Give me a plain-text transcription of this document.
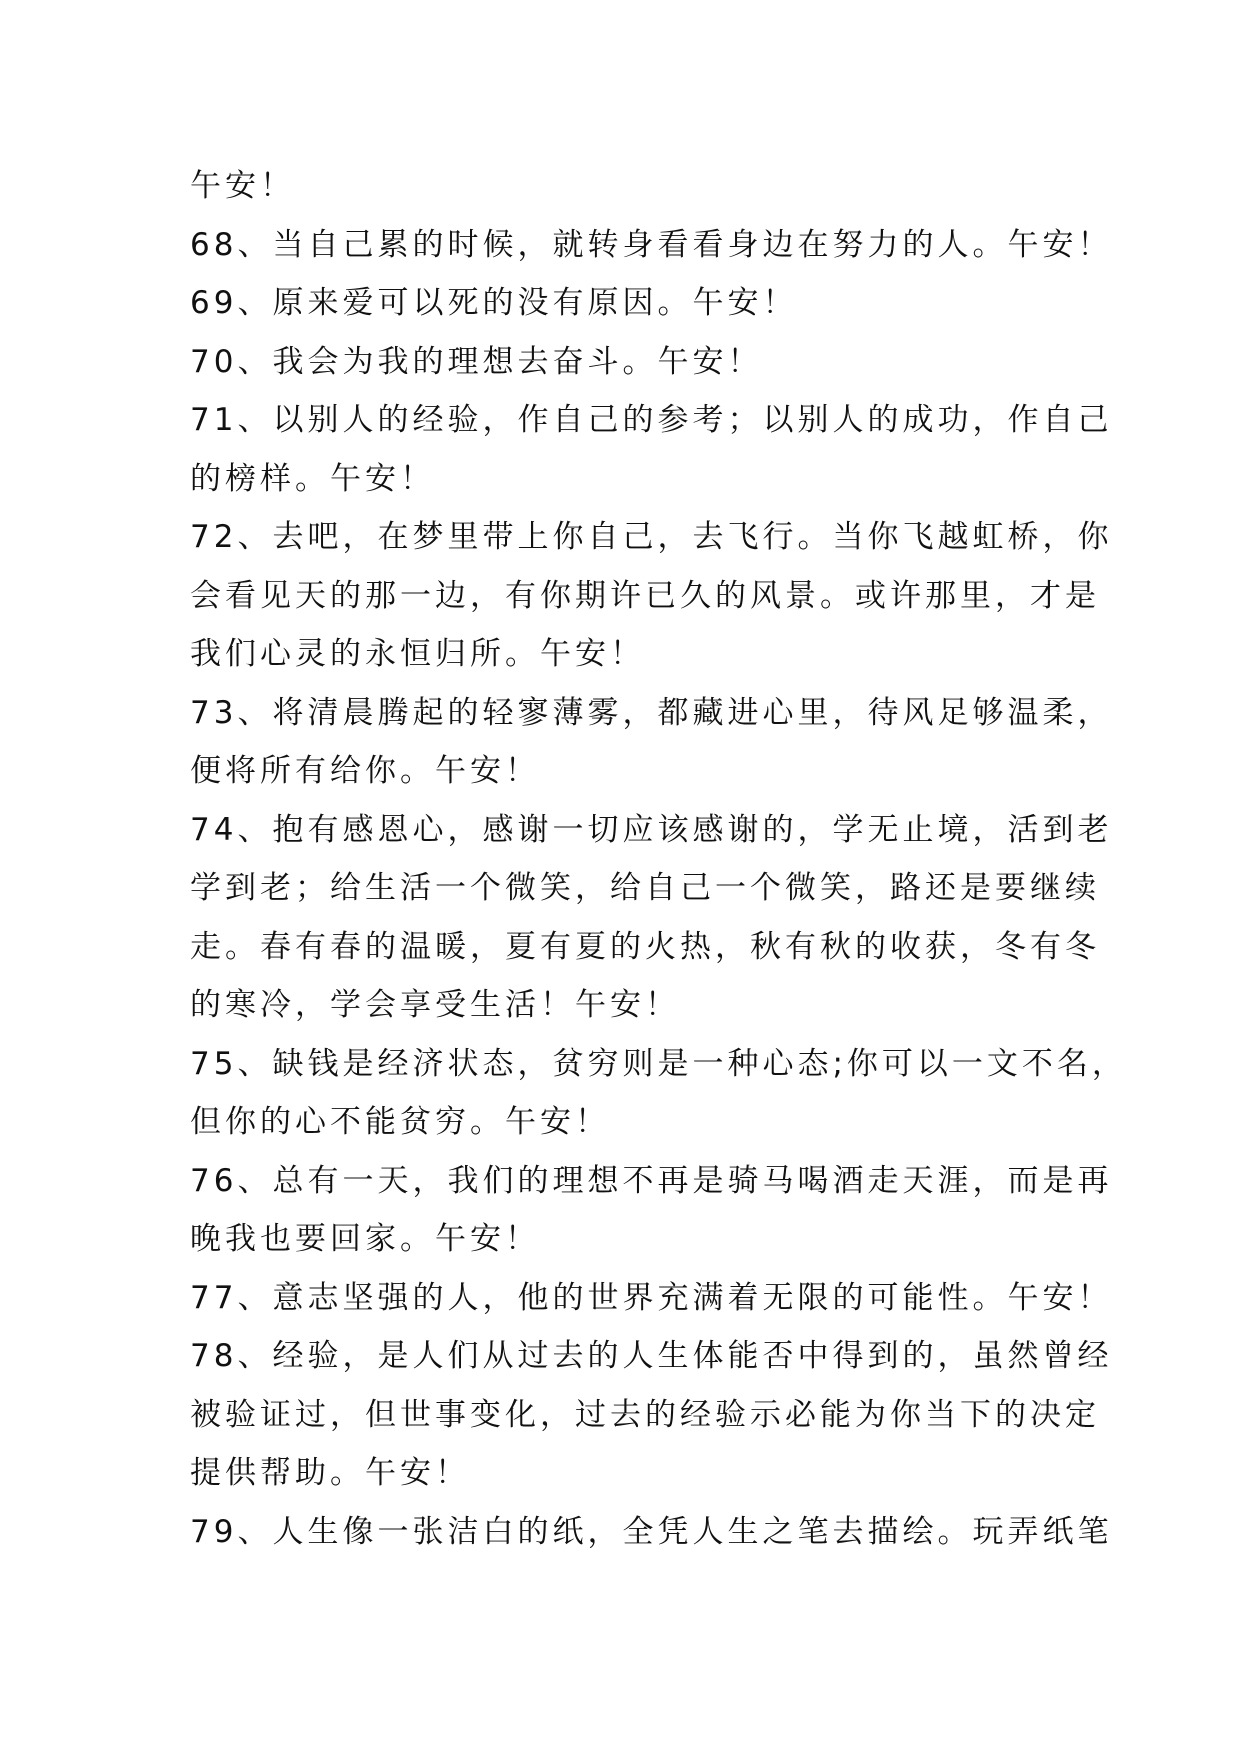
午安！
68、当自己累的时候，就转身看看身边在努力的人。午安！
69、原来爱可以死的没有原因。午安！
70、我会为我的理想去奋斗。午安！
71、以别人的经验，作自己的参考；以别人的成功，作自己
的榜样。午安！
72、去吧，在梦里带上你自己，去飞行。当你飞越虹桥，你
会看见天的那一边，有你期许已久的风景。或许那里，才是
我们心灵的永恒归所。午安！
73、将清晨腾起的轻寥薄雾，都藏进心里，待风足够温柔，
便将所有给你。午安！
74、抱有感恩心，感谢一切应该感谢的，学无止境，活到老
学到老；给生活一个微笑，给自己一个微笑，路还是要继续
走。春有春的温暖，夏有夏的火热，秋有秋的收获，冬有冬
的寒冷，学会享受生活！午安！
75、缺钱是经济状态，贫穷则是一种心态;你可以一文不名，
但你的心不能贫穷。午安！
76、总有一天，我们的理想不再是骑马喝酒走天涯，而是再
晚我也要回家。午安！
77、意志坚强的人，他的世界充满着无限的可能性。午安！
78、经验，是人们从过去的人生体能否中得到的，虽然曾经
被验证过，但世事变化，过去的经验示必能为你当下的决定
提供帮助。午安！
79、人生像一张洁白的纸，全凭人生之笔去描绘。玩弄纸笔
